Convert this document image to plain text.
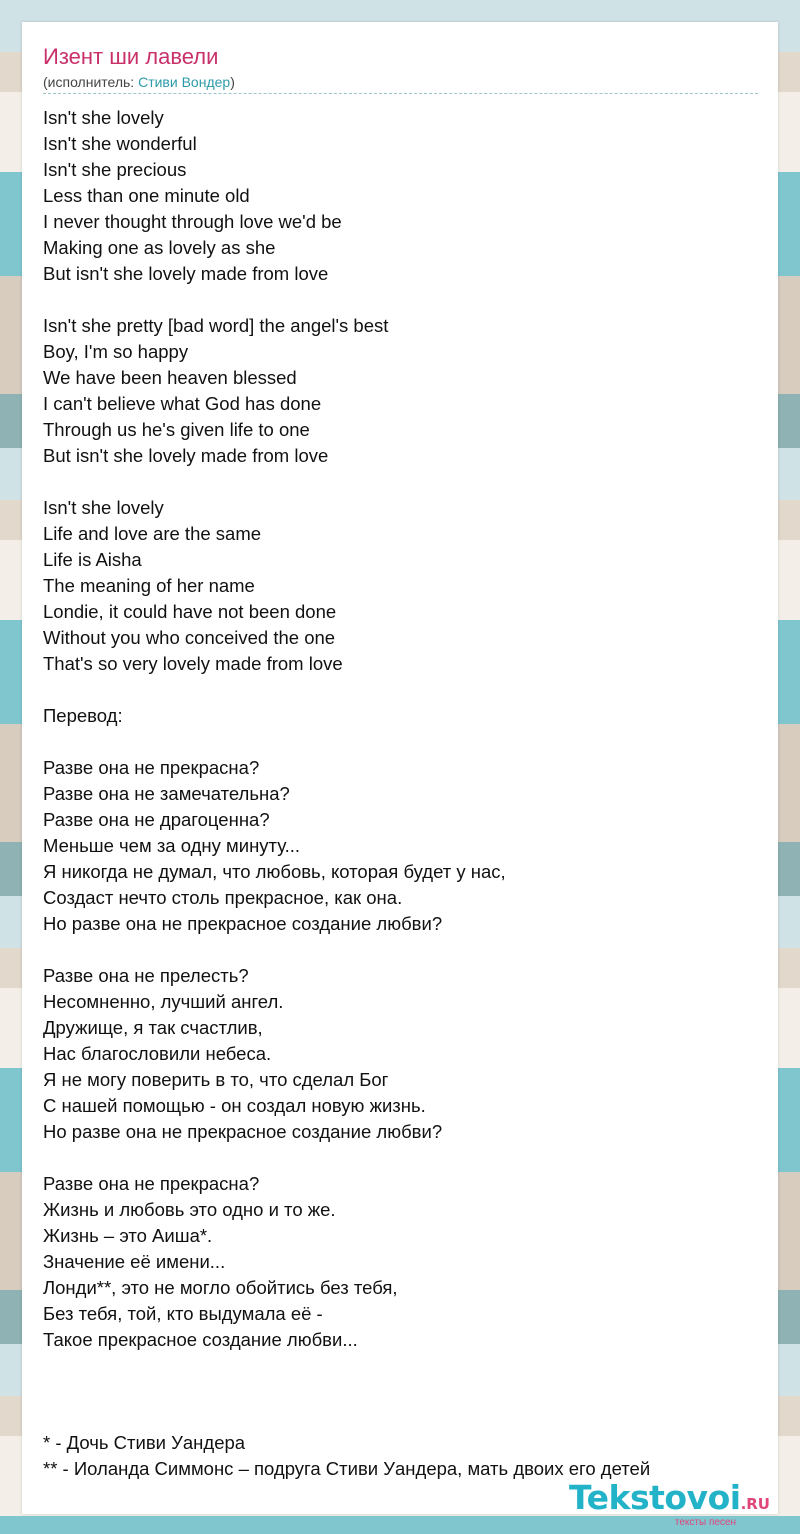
Изент ши лавели
(исполнитель: Стиви Вондер)
Isn't she lovely
Isn't she wonderful
Isn't she precious
Less than one minute old
I never thought through love we'd be
Making one as lovely as she
But isn't she lovely made from love
Isn't she pretty [bad word] the angel's best
Boy, I'm so happy
We have been heaven blessed
I can't believe what God has done
Through us he's given life to one
But isn't she lovely made from love
Isn't she lovely
Life and love are the same
Life is Aisha
The meaning of her name
Londie, it could have not been done
Without you who conceived the one
That's so very lovely made from love
Перевод:
Разве она не прекрасна?
Разве она не замечательна?
Разве она не драгоценна?
Меньше чем за одну минуту...
Я никогда не думал, что любовь, которая будет у нас,
Создаст нечто столь прекрасное, как она.
Но разве она не прекрасное создание любви?
Разве она не прелесть?
Несомненно, лучший ангел.
Дружище, я так счастлив,
Нас благословили небеса.
Я не могу поверить в то, что сделал Бог
С нашей помощью - он создал новую жизнь.
Но разве она не прекрасное создание любви?
Разве она не прекрасна?
Жизнь и любовь это одно и то же.
Жизнь – это Аиша*.
Значение её имени...
Лонди**, это не могло обойтись без тебя,
Без тебя, той, кто выдумала её -
Такое прекрасное создание любви...
* - Дочь Стиви Уандера
** - Иоланда Симмонс – подруга Стиви Уандера, мать двоих его детей
Tekstovoi.RU
тексты песен
